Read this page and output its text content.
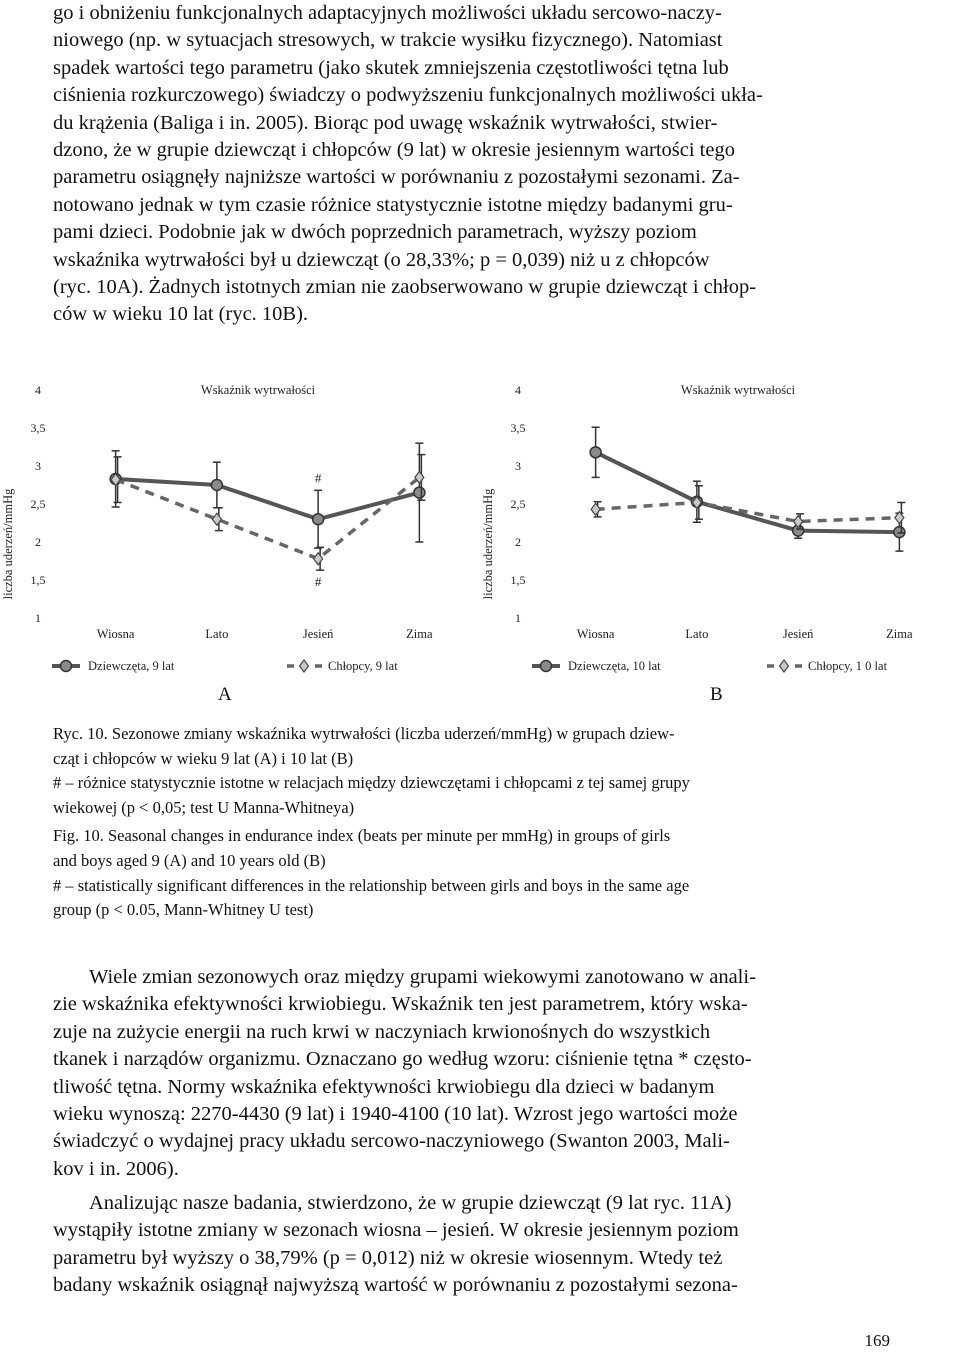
go i obniżeniu funkcjonalnych adaptacyjnych możliwości układu sercowo-naczy-
niowego (np. w sytuacjach stresowych, w trakcie wysiłku fizycznego). Natomiast
spadek wartości tego parametru (jako skutek zmniejszenia częstotliwości tętna lub
ciśnienia rozkurczowego) świadczy o podwyższeniu funkcjonalnych możliwości ukła-
du krążenia (Baliga i in. 2005). Biorąc pod uwagę wskaźnik wytrwałości, stwier-
dzono, że w grupie dziewcząt i chłopców (9 lat) w okresie jesiennym wartości tego
parametru osiągnęły najniższe wartości w porównaniu z pozostałymi sezonami. Za-
notowano jednak w tym czasie różnice statystycznie istotne między badanymi gru-
pami dzieci. Podobnie jak w dwóch poprzednich parametrach, wyższy poziom
wskaźnika wytrwałości był u dziewcząt (o 28,33%; p = 0,039) niż u z chłopców
(ryc. 10A). Żadnych istotnych zmian nie zaobserwowano w grupie dziewcząt i chłop-
ców w wieku 10 lat (ryc. 10B).
1
1,5
2
2,5
3
3,5
4
liczba uderzeń/mmHg
Wskaźnik wytrwałości
Wiosna	Lato	Jesień	Zima
#
#
Dziewczęta, 9 lat	Chłopcy, 9 lat
1
1,5
2
2,5
3
3,5
4
liczba uderzeń/mmHg
Wskaźnik wytrwałości
Wiosna	Lato	Jesień	Zima
Dziewczęta, 10 lat	Chłopcy, 1 0 lat
A	B
Ryc. 10. Sezonowe zmiany wskaźnika wytrwałości (liczba uderzeń/mmHg) w grupach dziew-
cząt i chłopców w wieku 9 lat (A) i 10 lat (B)
# – różnice statystycznie istotne w relacjach między dziewczętami i chłopcami z tej samej grupy
wiekowej (p < 0,05; test U Manna-Whitneya)
Fig. 10. Seasonal changes in endurance index (beats per minute per mmHg) in groups of girls
and boys aged 9 (A) and 10 years old (B)
# – statistically significant differences in the relationship between girls and boys in the same age
group (p < 0.05, Mann-Whitney U test)
Wiele zmian sezonowych oraz między grupami wiekowymi zanotowano w anali-
zie wskaźnika efektywności krwiobiegu. Wskaźnik ten jest parametrem, który wska-
zuje na zużycie energii na ruch krwi w naczyniach krwionośnych do wszystkich
tkanek i narządów organizmu. Oznaczano go według wzoru: ciśnienie tętna * często-
tliwość tętna. Normy wskaźnika efektywności krwiobiegu dla dzieci w badanym
wieku wynoszą: 2270-4430 (9 lat) i 1940-4100 (10 lat). Wzrost jego wartości może
świadczyć o wydajnej pracy układu sercowo-naczyniowego (Swanton 2003, Mali-
kov i in. 2006).
Analizując nasze badania, stwierdzono, że w grupie dziewcząt (9 lat ryc. 11A)
wystąpiły istotne zmiany w sezonach wiosna – jesień. W okresie jesiennym poziom
parametru był wyższy o 38,79% (p = 0,012) niż w okresie wiosennym. Wtedy też
badany wskaźnik osiągnął najwyższą wartość w porównaniu z pozostałymi sezona-
169
